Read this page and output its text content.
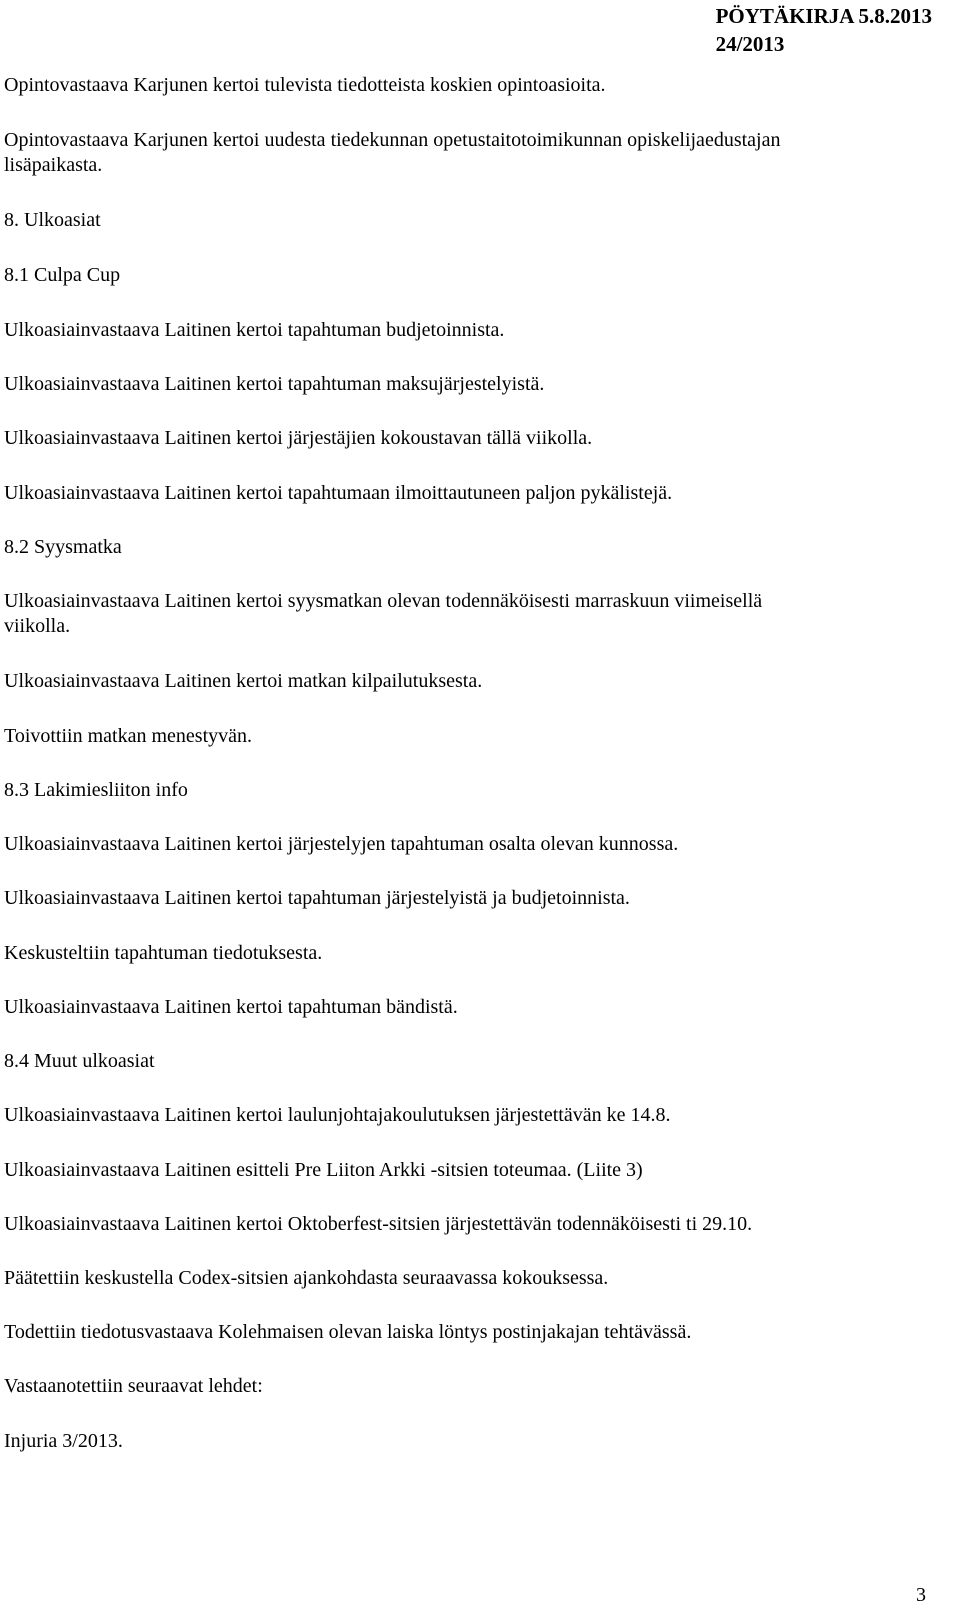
PÖYTÄKIRJA 5.8.2013
24/2013
Opintovastaava Karjunen kertoi tulevista tiedotteista koskien opintoasioita.
Opintovastaava Karjunen kertoi uudesta tiedekunnan opetustaitotoimikunnan opiskelijaedustajan
lisäpaikasta.
8. Ulkoasiat
8.1 Culpa Cup
Ulkoasiainvastaava Laitinen kertoi tapahtuman budjetoinnista.
Ulkoasiainvastaava Laitinen kertoi tapahtuman maksujärjestelyistä.
Ulkoasiainvastaava Laitinen kertoi järjestäjien kokoustavan tällä viikolla.
Ulkoasiainvastaava Laitinen kertoi tapahtumaan ilmoittautuneen paljon pykälistejä.
8.2 Syysmatka
Ulkoasiainvastaava Laitinen kertoi syysmatkan olevan todennäköisesti marraskuun viimeisellä
viikolla.
Ulkoasiainvastaava Laitinen kertoi matkan kilpailutuksesta.
Toivottiin matkan menestyvän.
8.3 Lakimiesliiton info
Ulkoasiainvastaava Laitinen kertoi järjestelyjen tapahtuman osalta olevan kunnossa.
Ulkoasiainvastaava Laitinen kertoi tapahtuman järjestelyistä ja budjetoinnista.
Keskusteltiin tapahtuman tiedotuksesta.
Ulkoasiainvastaava Laitinen kertoi tapahtuman bändistä.
8.4 Muut ulkoasiat
Ulkoasiainvastaava Laitinen kertoi laulunjohtajakoulutuksen järjestettävän ke 14.8.
Ulkoasiainvastaava Laitinen esitteli Pre Liiton Arkki -sitsien toteumaa. (Liite 3)
Ulkoasiainvastaava Laitinen kertoi Oktoberfest-sitsien järjestettävän todennäköisesti ti 29.10.
Päätettiin keskustella Codex-sitsien ajankohdasta seuraavassa kokouksessa.
Todettiin tiedotusvastaava Kolehmaisen olevan laiska löntys postinjakajan tehtävässä.
Vastaanotettiin seuraavat lehdet:
Injuria 3/2013.
3
